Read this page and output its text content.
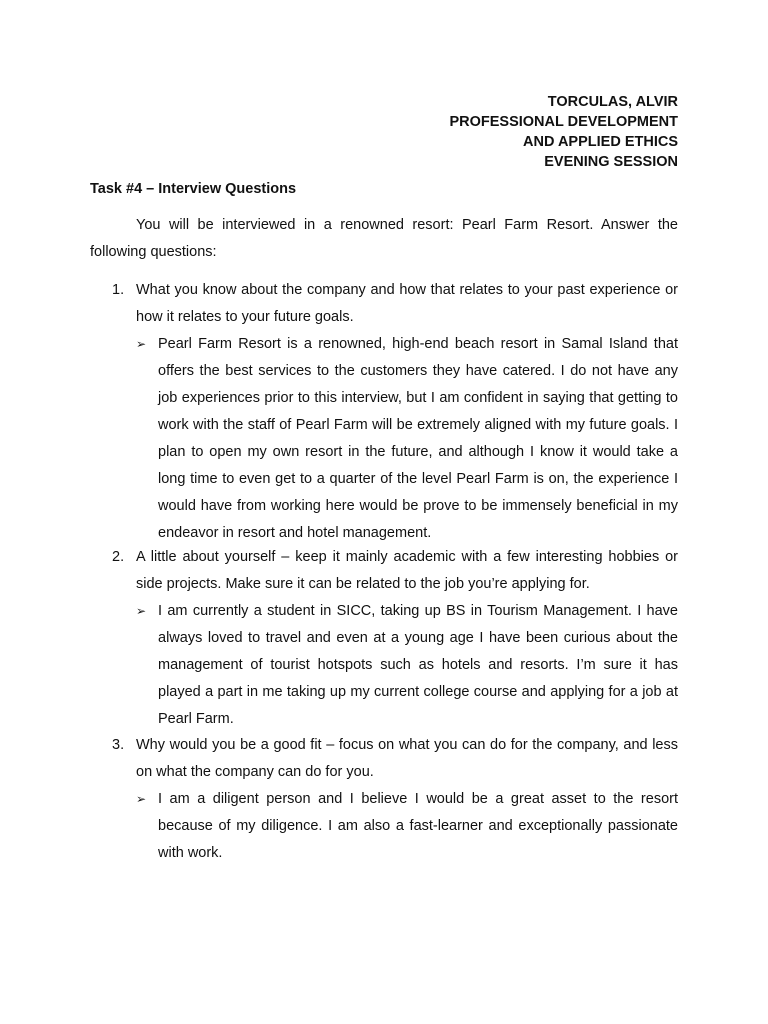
TORCULAS, ALVIR
PROFESSIONAL DEVELOPMENT
AND APPLIED ETHICS
EVENING SESSION
Task #4 – Interview Questions

You will be interviewed in a renowned resort: Pearl Farm Resort. Answer the following questions:

1. What you know about the company and how that relates to your past experience or how it relates to your future goals.
➢ Pearl Farm Resort is a renowned, high-end beach resort in Samal Island that offers the best services to the customers they have catered. I do not have any job experiences prior to this interview, but I am confident in saying that getting to work with the staff of Pearl Farm will be extremely aligned with my future goals. I plan to open my own resort in the future, and although I know it would take a long time to even get to a quarter of the level Pearl Farm is on, the experience I would have from working here would be prove to be immensely beneficial in my endeavor in resort and hotel management.
2. A little about yourself – keep it mainly academic with a few interesting hobbies or side projects. Make sure it can be related to the job you’re applying for.
➢ I am currently a student in SICC, taking up BS in Tourism Management. I have always loved to travel and even at a young age I have been curious about the management of tourist hotspots such as hotels and resorts. I’m sure it has played a part in me taking up my current college course and applying for a job at Pearl Farm.
3. Why would you be a good fit – focus on what you can do for the company, and less on what the company can do for you.
➢ I am a diligent person and I believe I would be a great asset to the resort because of my diligence. I am also a fast-learner and exceptionally passionate with work.
